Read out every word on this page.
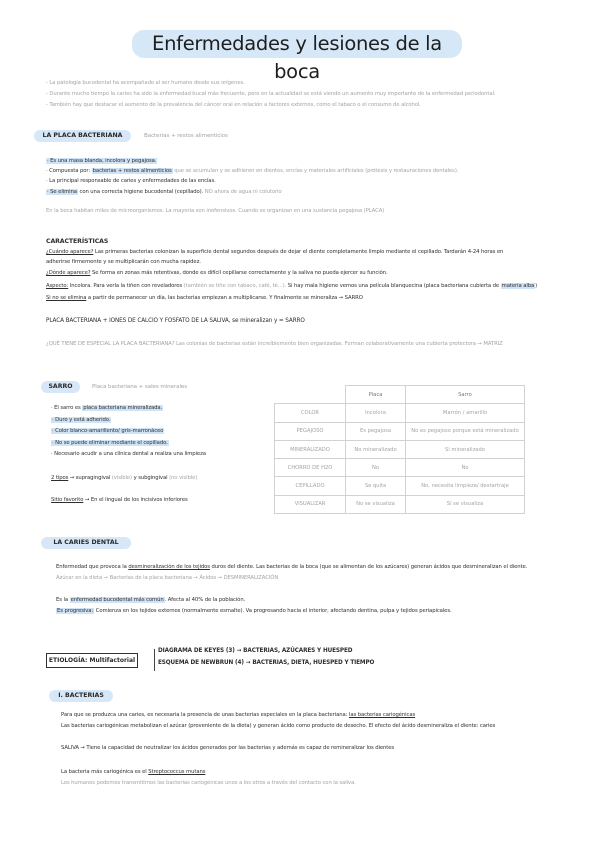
Enfermedades y lesiones de la boca
- La patología bucodental ha acompañado al ser humano desde sus orígenes.
- Durante mucho tiempo la caries ha sido la enfermedad bucal más frecuente, pero en la actualidad se está viendo un aumento muy importante de la enfermedad periodontal.
- También hay que destacar el aumento de la prevalencia del cáncer oral en relación a factores externos, como el tabaco o el consumo de alcohol.
LA PLACA BACTERIANA	Bacterias + restos alimenticios
· Es una masa blanda, incolora y pegajosa.
· Compuesta por: bacterias + restos alimenticios que se acumulan y se adhieren en dientes, encías y materiales artificiales (prótesis y restauraciones dentales).
· La principal responsable de caries y enfermedades de las encías.
· Se elimina con una correcta higiene bucodental (cepillado). NO ahora de agua ni colutorio
En la boca habitan miles de microorganismos. La mayoría son inofensivos. Cuando se organizan en una sustancia pegajosa (PLACA)
CARACTERÍSTICAS
¿Cuándo aparece? Las primeras bacterias colonizan la superficie dental segundos después de dejar el diente completamente limpio mediante el cepillado. Tardarán 4-24 horas en
adherirse firmemente y se multiplicarán con mucha rapidez.
¿Dónde aparece? Se forma en zonas más retentivas, donde es difícil cepillarse correctamente y la saliva no pueda ejercer su función.
Aspecto: Incolora. Para verla la tiñen con reveladores (también se tiñe con tabaco, café, té...). Si hay mala higiene vemos una película blanquecina (placa bacteriana cubierta de materia alba)
Si no se elimina a partir de permanecer un día, las bacterias empiezan a multiplicarse. Y finalmente se mineraliza → SARRO
PLACA BACTERIANA + IONES DE CALCIO Y FOSFATO DE LA SALIVA, se mineralizan y = SARRO
¿QUÉ TIENE DE ESPECIAL LA PLACA BACTERIANA? Las colonias de bacterias están increíblemente bien organizadas. Forman colaborativamente una cubierta protectora → MATRIZ
SARRO	Placa bacteriana + sales minerales
· El sarro es placa bacteriana mineralizada.
· Duro y está adherido.
· Color blanco-amarillento/ gris-marronáceo
· No se puede eliminar mediante el cepillado.
· Necesario acudir a una clínica dental a realiza una limpieza
2 tipos → supragingival (visible) y subgingival (no visible)
Sitio favorito → En el lingual de los incisivos inferiores
	Placa	Sarro
COLOR	Incolora	Marrón / amarillo
PEGAJOSO	Es pegajosa	No es pegajoso porque está mineralizado
MINERALIZADO	No mineralizado	Sí mineralizado
CHORRO DE H2O	No	No
CEPILLADO	Se quita	No, necesita limpieza/ destartraje
VISUALIZAR	No se visualiza	Sí se visualiza
LA CARIES DENTAL
Enfermedad que provoca la desmineralización de los tejidos duros del diente. Las bacterias de la boca (que se alimentan de los azúcares) generan ácidos que desmineralizan el diente.
Azúcar en la dieta → Bacterias de la placa bacteriana → Ácidos → DESMINERALIZACIÓN
Es la enfermedad bucodental más común. Afecta al 40% de la población.
Es progresiva: Comienza en los tejidos externos (normalmente esmalte). Va progresando hacia el interior, afectando dentina, pulpa y tejidos periapicales.
ETIOLOGÍA: Multifactorial
DIAGRAMA DE KEYES (3) → BACTERIAS, AZÚCARES Y HUESPED
ESQUEMA DE NEWBRUN (4) → BACTERIAS, DIETA, HUESPED Y TIEMPO
I. BACTERIAS
Para que se produzca una caries, es necesaria la presencia de unas bacterias especiales en la placa bacteriana: las bacterias cariogénicas
Las bacterias cariogénicas metabolizan el azúcar (proveniente de la dieta) y generan ácido como producto de desecho. El efecto del ácido desmineraliza el diente: caries
SALIVA → Tiene la capacidad de neutralizar los ácidos generados por las bacterias y además es capaz de remineralizar los dientes
La bacteria más cariogénica es el Streptococcus mutans
Los humanos podemos transmitirnos las bacterias cariogénicas unos a los otros a través del contacto con la saliva.
